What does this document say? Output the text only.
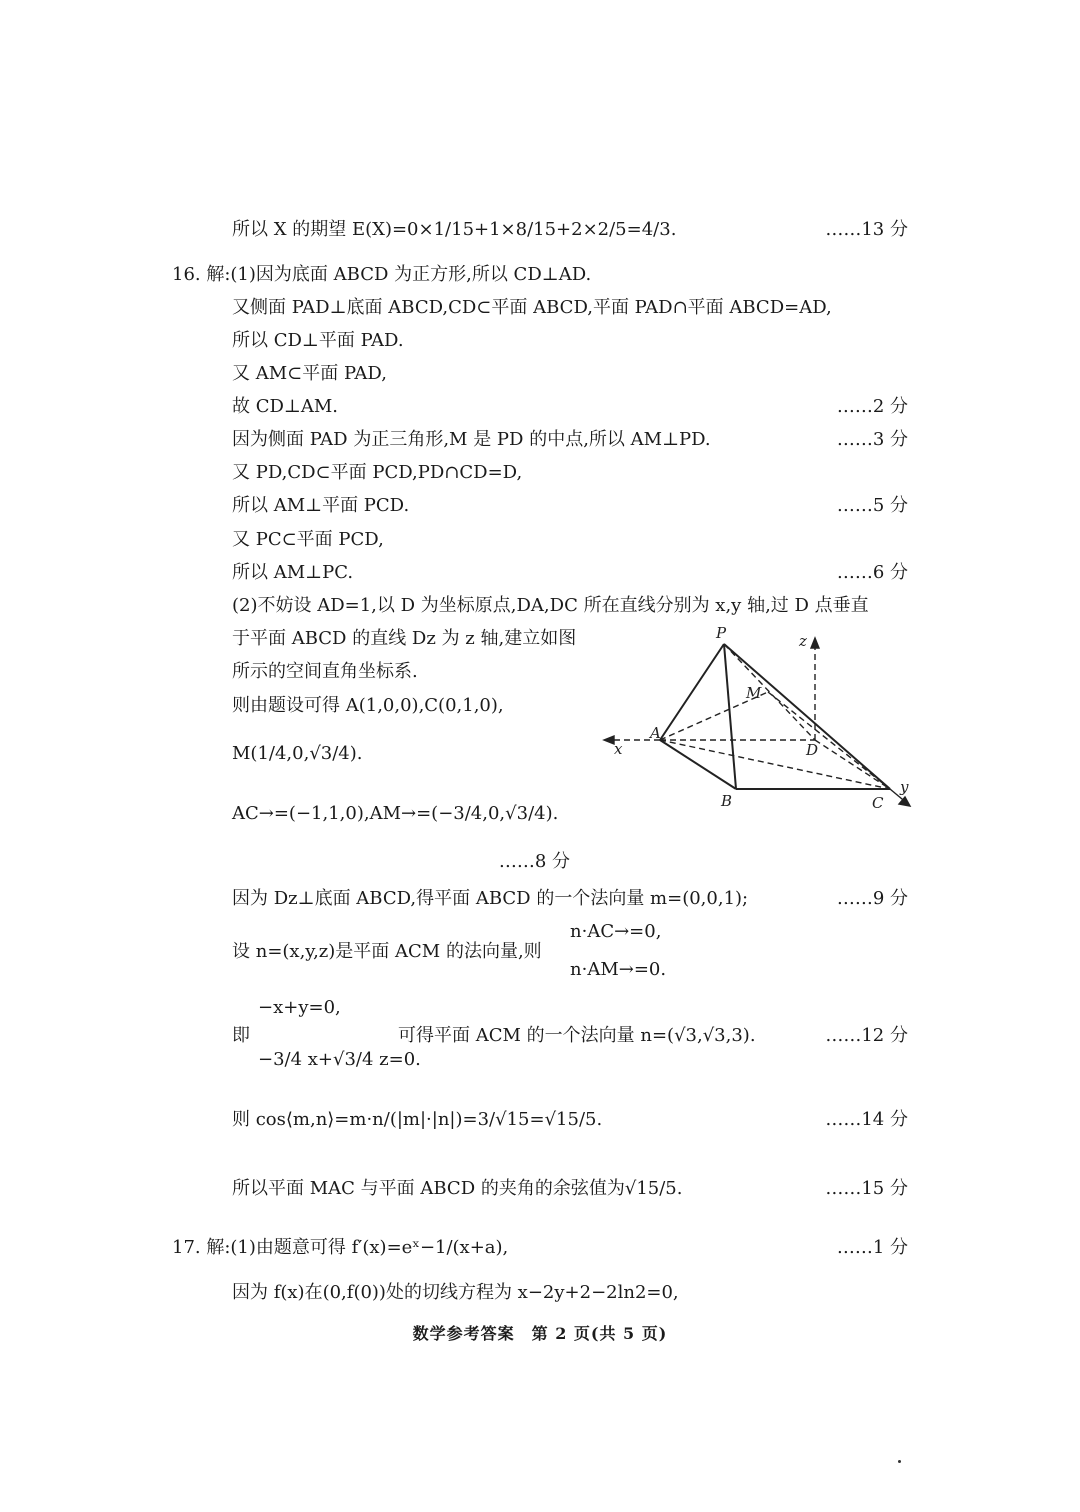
所以 X 的期望 E(X)=0×1/15+1×8/15+2×2/5=4/3.	……13 分
16. 解:(1)因为底面 ABCD 为正方形,所以 CD⊥AD.
又侧面 PAD⊥底面 ABCD,CD⊂平面 ABCD,平面 PAD∩平面 ABCD=AD,
所以 CD⊥平面 PAD.
又 AM⊂平面 PAD,
故 CD⊥AM.	……2 分
因为侧面 PAD 为正三角形,M 是 PD 的中点,所以 AM⊥PD.	……3 分
又 PD,CD⊂平面 PCD,PD∩CD=D,
所以 AM⊥平面 PCD.	……5 分
又 PC⊂平面 PCD,
所以 AM⊥PC.	……6 分
(2)不妨设 AD=1,以 D 为坐标原点,DA,DC 所在直线分别为 x,y 轴,过 D 点垂直
于平面 ABCD 的直线 Dz 为 z 轴,建立如图
所示的空间直角坐标系.
则由题设可得 A(1,0,0),C(0,1,0),
M(1/4,0,√3/4).
AC→=(−1,1,0),AM→=(−3/4,0,√3/4).
……8 分
P
M
A
D
B	C
x
y
z
因为 Dz⊥底面 ABCD,得平面 ABCD 的一个法向量 m=(0,0,1);	……9 分
n·AC→=0,
设 n=(x,y,z)是平面 ACM 的法向量,则
n·AM→=0.
−x+y=0,
即	可得平面 ACM 的一个法向量 n=(√3,√3,3).	……12 分
−3/4 x+√3/4 z=0.
则 cos⟨m,n⟩=m·n/(|m|·|n|)=3/√15=√15/5.	……14 分
所以平面 MAC 与平面 ABCD 的夹角的余弦值为√15/5.	……15 分
17. 解:(1)由题意可得 f′(x)=eˣ−1/(x+a),	……1 分
因为 f(x)在(0,f(0))处的切线方程为 x−2y+2−2ln2=0,
数学参考答案　第 2 页(共 5 页)
